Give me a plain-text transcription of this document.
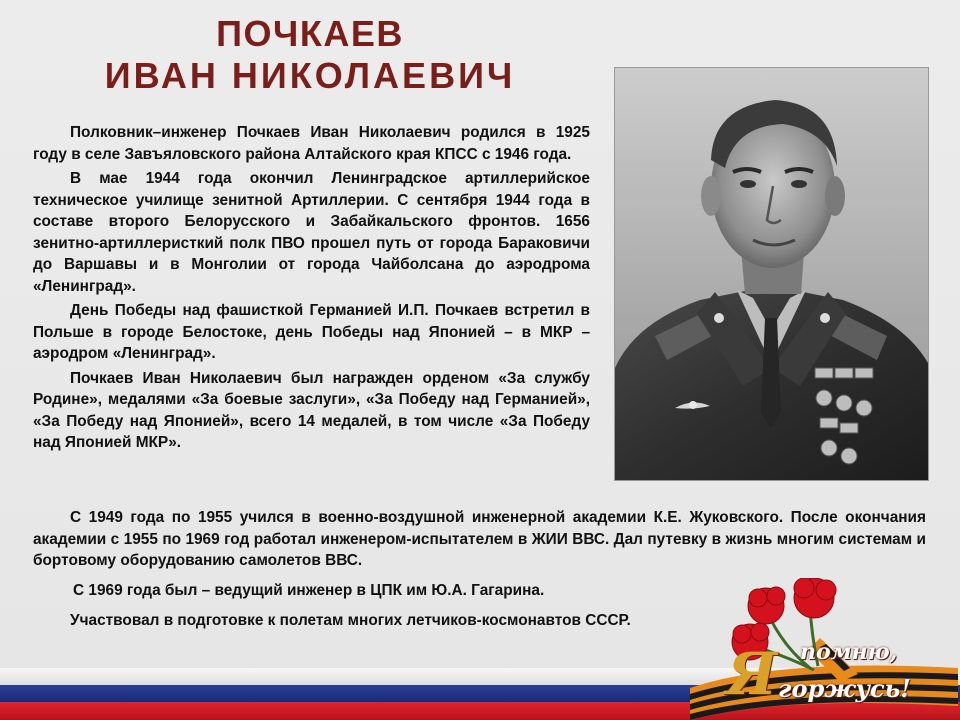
ПОЧКАЕВ
ИВАН НИКОЛАЕВИЧ

Полковник–инженер Почкаев Иван Николаевич родился в 1925 году в селе Завъяловского района Алтайского края КПСС с 1946 года.

В мае 1944 года окончил Ленинградское артиллерийское техническое училище зенитной Артиллерии. С сентября 1944 года в составе второго Белорусского и Забайкальского фронтов. 1656 зенитно-артиллеристкий полк ПВО прошел путь от города Бараковичи до Варшавы и в Монголии от города Чайболсана до аэродрома «Ленинград».

День Победы над фашисткой Германией И.П. Почкаев встретил в Польше в городе Белостоке, день Победы над Японией – в МКР – аэродром «Ленинград».

Почкаев Иван Николаевич был награжден орденом «За службу Родине», медалями «За боевые заслуги», «За Победу над Германией», «За Победу над Японией», всего 14 медалей, в том числе «За Победу над Японией МКР».

С 1949 года по 1955 учился в военно-воздушной инженерной академии К.Е. Жуковского. После окончания академии с 1955 по 1969 год работал инженером-испытателем в ЖИИ ВВС. Дал путевку в жизнь многим системам и бортовому оборудованию самолетов ВВС.

С 1969 года был – ведущий инженер в ЦПК им Ю.А. Гагарина.

Участвовал в подготовке к полетам многих летчиков-космонавтов СССР.

Я помню,
горжусь!
